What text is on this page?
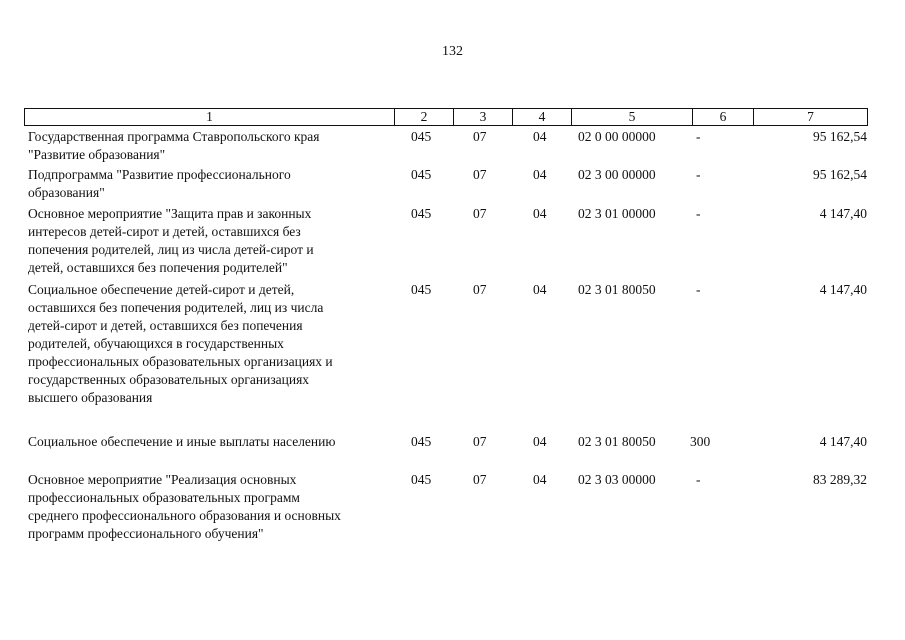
132
1	2	3	4	5	6	7
Государственная программа Ставропольского края
"Развитие образования"
045	07	04 02 0 00 00000	-	95 162,54
Подпрограмма "Развитие профессионального
образования"
045	07	04 02 3 00 00000	-	95 162,54
Основное мероприятие "Защита прав и законных
интересов детей-сирот и детей, оставшихся без
попечения родителей, лиц из числа детей-сирот и
детей, оставшихся без попечения родителей"
045	07	04 02 3 01 00000	-	4 147,40
Социальное обеспечение детей-сирот и детей,
оставшихся без попечения родителей, лиц из числа
детей-сирот и детей, оставшихся без попечения
родителей, обучающихся в государственных
профессиональных образовательных организациях и
государственных образовательных организациях
высшего образования
045	07	04 02 3 01 80050	-	4 147,40
Социальное обеспечение и иные выплаты населению	045	07	04 02 3 01 80050	300	4 147,40
Основное мероприятие "Реализация основных
профессиональных образовательных программ
среднего профессионального образования и основных
программ профессионального обучения"
045	07	04 02 3 03 00000	-	83 289,32
